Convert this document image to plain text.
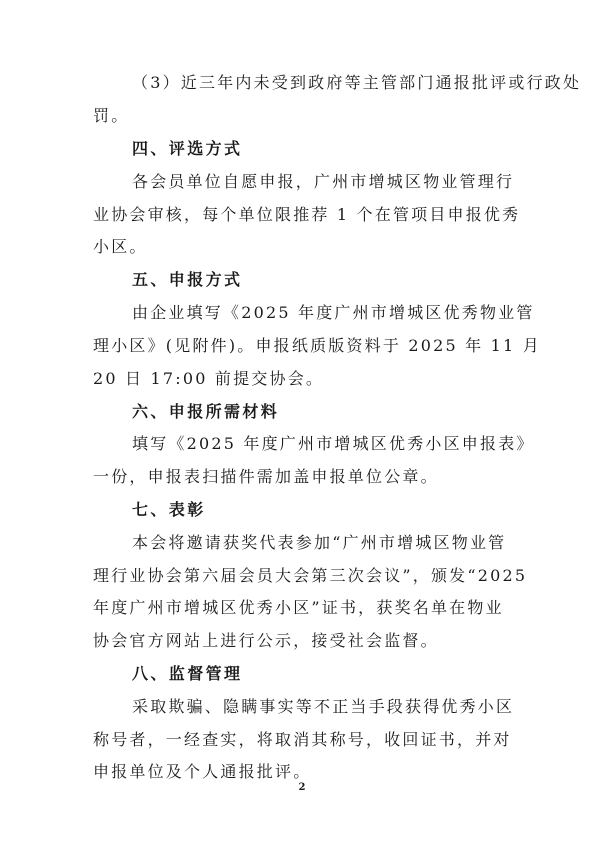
（3）近三年内未受到政府等主管部门通报批评或行政处
罚。
四、评选方式
各会员单位自愿申报，广州市增城区物业管理行
业协会审核，每个单位限推荐 1 个在管项目申报优秀
小区。
五、申报方式
由企业填写《2025 年度广州市增城区优秀物业管
理小区》(见附件)。申报纸质版资料于 2025 年 11 月
20 日 17:00 前提交协会。
六、申报所需材料
填写《2025 年度广州市增城区优秀小区申报表》
一份，申报表扫描件需加盖申报单位公章。
七、表彰
本会将邀请获奖代表参加“广州市增城区物业管
理行业协会第六届会员大会第三次会议”，颁发“2025
年度广州市增城区优秀小区”证书，获奖名单在物业
协会官方网站上进行公示，接受社会监督。
八、监督管理
采取欺骗、隐瞒事实等不正当手段获得优秀小区
称号者，一经查实，将取消其称号，收回证书，并对
申报单位及个人通报批评。
2
